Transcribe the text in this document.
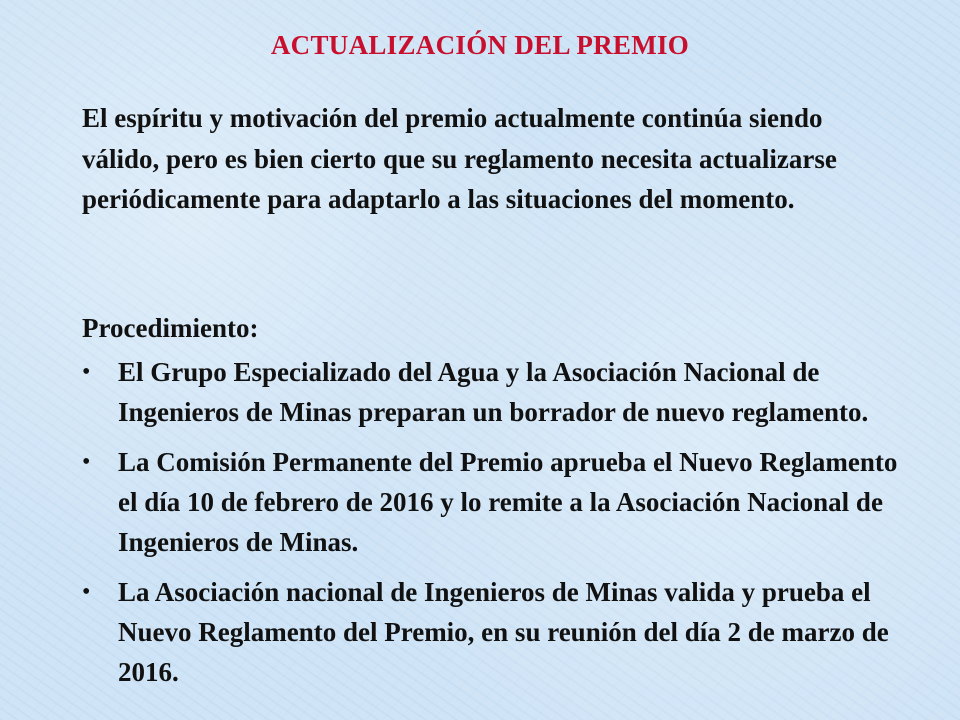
ACTUALIZACIÓN DEL PREMIO

El espíritu y motivación del premio actualmente continúa siendo válido, pero es bien cierto que su reglamento necesita actualizarse periódicamente para adaptarlo a las situaciones del momento.

Procedimiento:

•	El Grupo Especializado del Agua y la Asociación Nacional de Ingenieros de Minas preparan un borrador de nuevo reglamento.
•	La Comisión Permanente del Premio aprueba el Nuevo Reglamento el día 10 de febrero de 2016 y lo remite a la Asociación Nacional de Ingenieros de Minas.
•	La Asociación nacional de Ingenieros de Minas valida y prueba el Nuevo Reglamento del Premio, en su reunión del día 2 de marzo de 2016.
